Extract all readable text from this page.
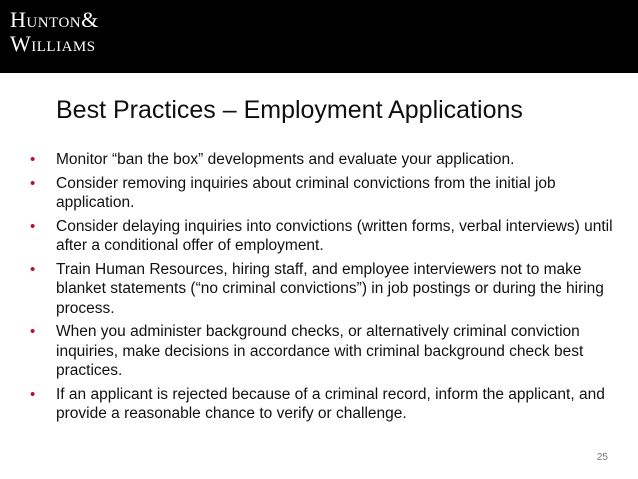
Hunton&
Williams
Best Practices – Employment Applications
• Monitor “ban the box” developments and evaluate your application.
• Consider removing inquiries about criminal convictions from the initial job application.
• Consider delaying inquiries into convictions (written forms, verbal interviews) until after a conditional offer of employment.
• Train Human Resources, hiring staff, and employee interviewers not to make blanket statements (“no criminal convictions”) in job postings or during the hiring process.
• When you administer background checks, or alternatively criminal conviction inquiries, make decisions in accordance with criminal background check best practices.
• If an applicant is rejected because of a criminal record, inform the applicant, and provide a reasonable chance to verify or challenge.
25
